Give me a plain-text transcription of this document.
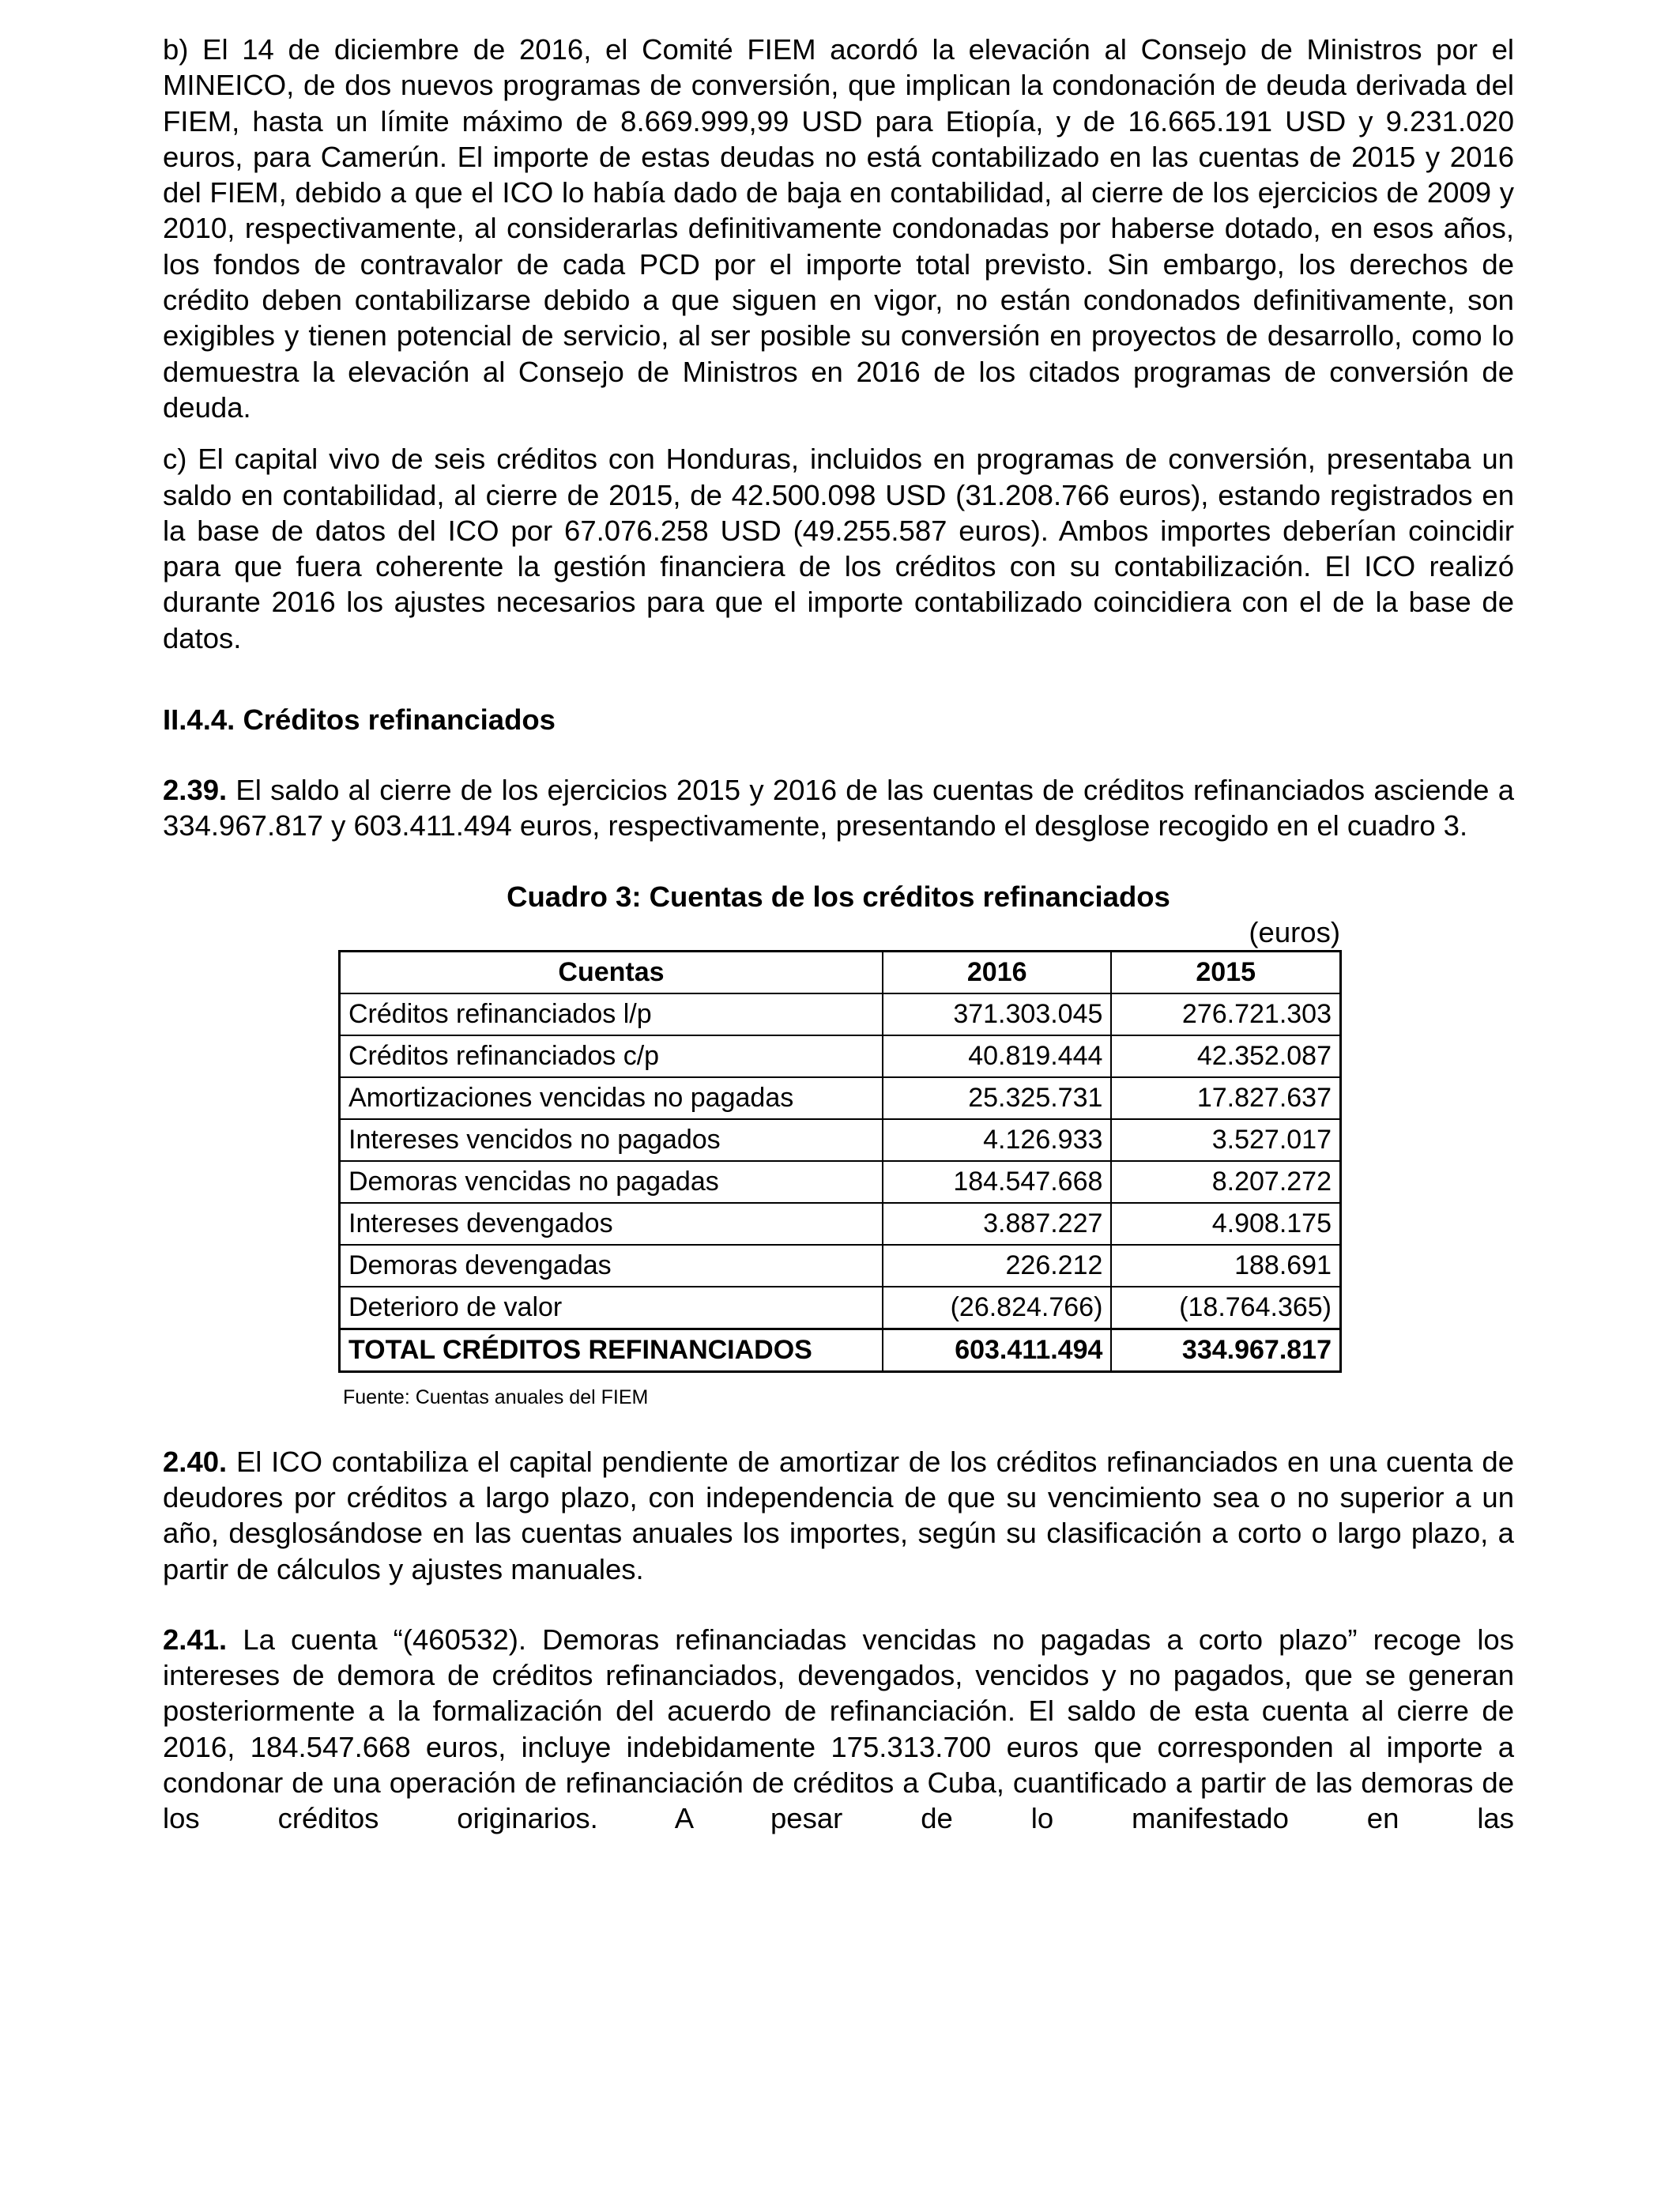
b) El 14 de diciembre de 2016, el Comité FIEM acordó la elevación al Consejo de Ministros por el MINEICO, de dos nuevos programas de conversión, que implican la condonación de deuda derivada del FIEM, hasta un límite máximo de 8.669.999,99 USD para Etiopía, y de 16.665.191 USD y 9.231.020 euros, para Camerún. El importe de estas deudas no está contabilizado en las cuentas de 2015 y 2016 del FIEM, debido a que el ICO lo había dado de baja en contabilidad, al cierre de los ejercicios de 2009 y 2010, respectivamente, al considerarlas definitivamente condonadas por haberse dotado, en esos años, los fondos de contravalor de cada PCD por el importe total previsto. Sin embargo, los derechos de crédito deben contabilizarse debido a que siguen en vigor, no están condonados definitivamente, son exigibles y tienen potencial de servicio, al ser posible su conversión en proyectos de desarrollo, como lo demuestra la elevación al Consejo de Ministros en 2016 de los citados programas de conversión de deuda.

c) El capital vivo de seis créditos con Honduras, incluidos en programas de conversión, presentaba un saldo en contabilidad, al cierre de 2015, de 42.500.098 USD (31.208.766 euros), estando registrados en la base de datos del ICO por 67.076.258 USD (49.255.587 euros). Ambos importes deberían coincidir para que fuera coherente la gestión financiera de los créditos con su contabilización. El ICO realizó durante 2016 los ajustes necesarios para que el importe contabilizado coincidiera con el de la base de datos.

II.4.4. Créditos refinanciados

2.39. El saldo al cierre de los ejercicios 2015 y 2016 de las cuentas de créditos refinanciados asciende a 334.967.817 y 603.411.494 euros, respectivamente, presentando el desglose recogido en el cuadro 3.

Cuadro 3: Cuentas de los créditos refinanciados

(euros)

Cuentas	2016	2015
Créditos refinanciados l/p	371.303.045	276.721.303
Créditos refinanciados c/p	40.819.444	42.352.087
Amortizaciones vencidas no pagadas	25.325.731	17.827.637
Intereses vencidos no pagados	4.126.933	3.527.017
Demoras vencidas no pagadas	184.547.668	8.207.272
Intereses devengados	3.887.227	4.908.175
Demoras devengadas	226.212	188.691
Deterioro de valor	(26.824.766)	(18.764.365)
TOTAL CRÉDITOS REFINANCIADOS	603.411.494	334.967.817

Fuente: Cuentas anuales del FIEM

2.40. El ICO contabiliza el capital pendiente de amortizar de los créditos refinanciados en una cuenta de deudores por créditos a largo plazo, con independencia de que su vencimiento sea o no superior a un año, desglosándose en las cuentas anuales los importes, según su clasificación a corto o largo plazo, a partir de cálculos y ajustes manuales.

2.41. La cuenta “(460532). Demoras refinanciadas vencidas no pagadas a corto plazo” recoge los intereses de demora de créditos refinanciados, devengados, vencidos y no pagados, que se generan posteriormente a la formalización del acuerdo de refinanciación. El saldo de esta cuenta al cierre de 2016, 184.547.668 euros, incluye indebidamente 175.313.700 euros que corresponden al importe a condonar de una operación de refinanciación de créditos a Cuba, cuantificado a partir de las demoras de los créditos originarios. A pesar de lo manifestado en las
